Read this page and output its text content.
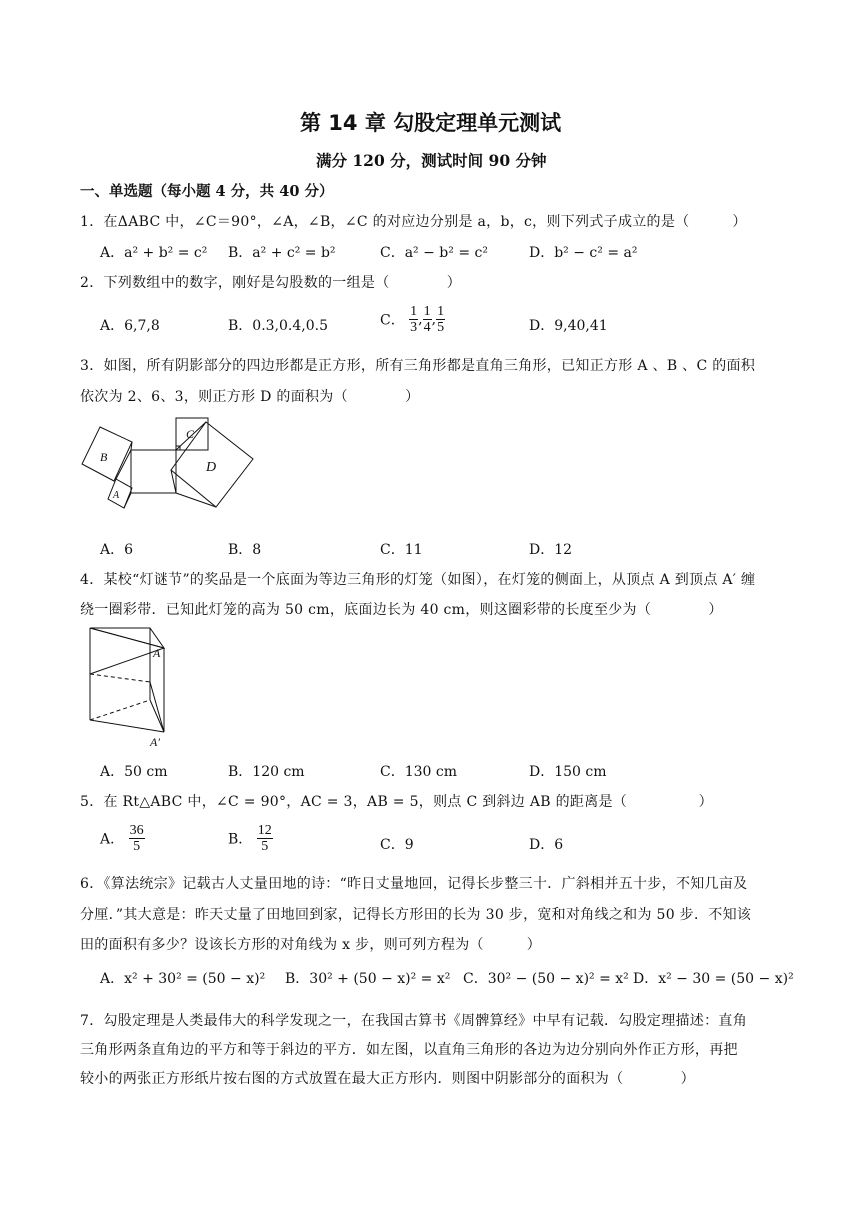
第 14 章 勾股定理单元测试
满分 120 分，测试时间 90 分钟
一、单选题（每小题 4 分，共 40 分）
1．在ΔABC 中，∠C＝90°，∠A，∠B，∠C 的对应边分别是 a，b，c，则下列式子成立的是（　　　）
A．a² + b² = c² B．a² + c² = b²	C．a² − b² = c²	D．b² − c² = a²
2．下列数组中的数字，刚好是勾股数的一组是（　　　　）
A．6,7,8	B．0.3,0.4,0.5	C． $\frac{1}{3}$ , $\frac{1}{4}$ , $\frac{1}{5}$	D．9,40,41
3．如图，所有阴影部分的四边形都是正方形，所有三角形都是直角三角形，已知正方形 A 、B 、C 的面积
依次为 2、6、3，则正方形 D 的面积为（　　　　）
B
A
C
D
A．6	B．8	C．11	D．12
4．某校“灯谜节”的奖品是一个底面为等边三角形的灯笼（如图），在灯笼的侧面上，从顶点 A 到顶点 A′ 缠
绕一圈彩带．已知此灯笼的高为 50 cm，底面边长为 40 cm，则这圈彩带的长度至少为（　　　　）
A
A′
A．50 cm	B．120 cm	C．130 cm	D．150 cm
5．在 Rt△ABC 中，∠C = 90°，AC = 3，AB = 5，则点 C 到斜边 AB 的距离是（　　　　　）
A． $\frac{36}{5}$	B． $\frac{12}{5}$	C．9	D．6
6．《算法统宗》记载古人丈量田地的诗：“昨日丈量地回，记得长步整三十．广斜相并五十步，不知几亩及
分厘．”其大意是：昨天丈量了田地回到家，记得长方形田的长为 30 步，宽和对角线之和为 50 步．不知该
田的面积有多少？设该长方形的对角线为 x 步，则可列方程为（　　　）
A．x² + 30² = (50 − x)² B．30² + (50 − x)² = x² C．30² − (50 − x)² = x² D．x² − 30 = (50 − x)²
7．勾股定理是人类最伟大的科学发现之一，在我国古算书《周髀算经》中早有记载．勾股定理描述：直角
三角形两条直角边的平方和等于斜边的平方．如左图，以直角三角形的各边为边分别向外作正方形，再把
较小的两张正方形纸片按右图的方式放置在最大正方形内．则图中阴影部分的面积为（　　　　）
